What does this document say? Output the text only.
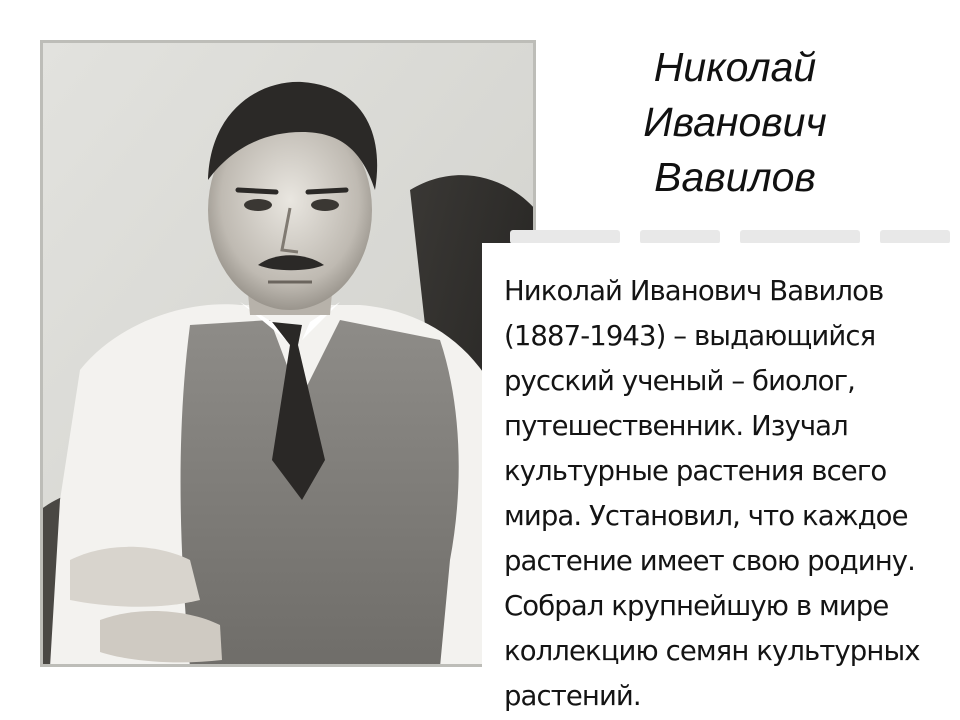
Николай
Иванович
Вавилов
Николай Иванович Вавилов
(1887-1943) – выдающийся
русский ученый – биолог,
путешественник. Изучал
культурные растения всего
мира. Установил, что каждое
растение имеет свою родину.
Собрал крупнейшую в мире
коллекцию семян культурных
растений.
